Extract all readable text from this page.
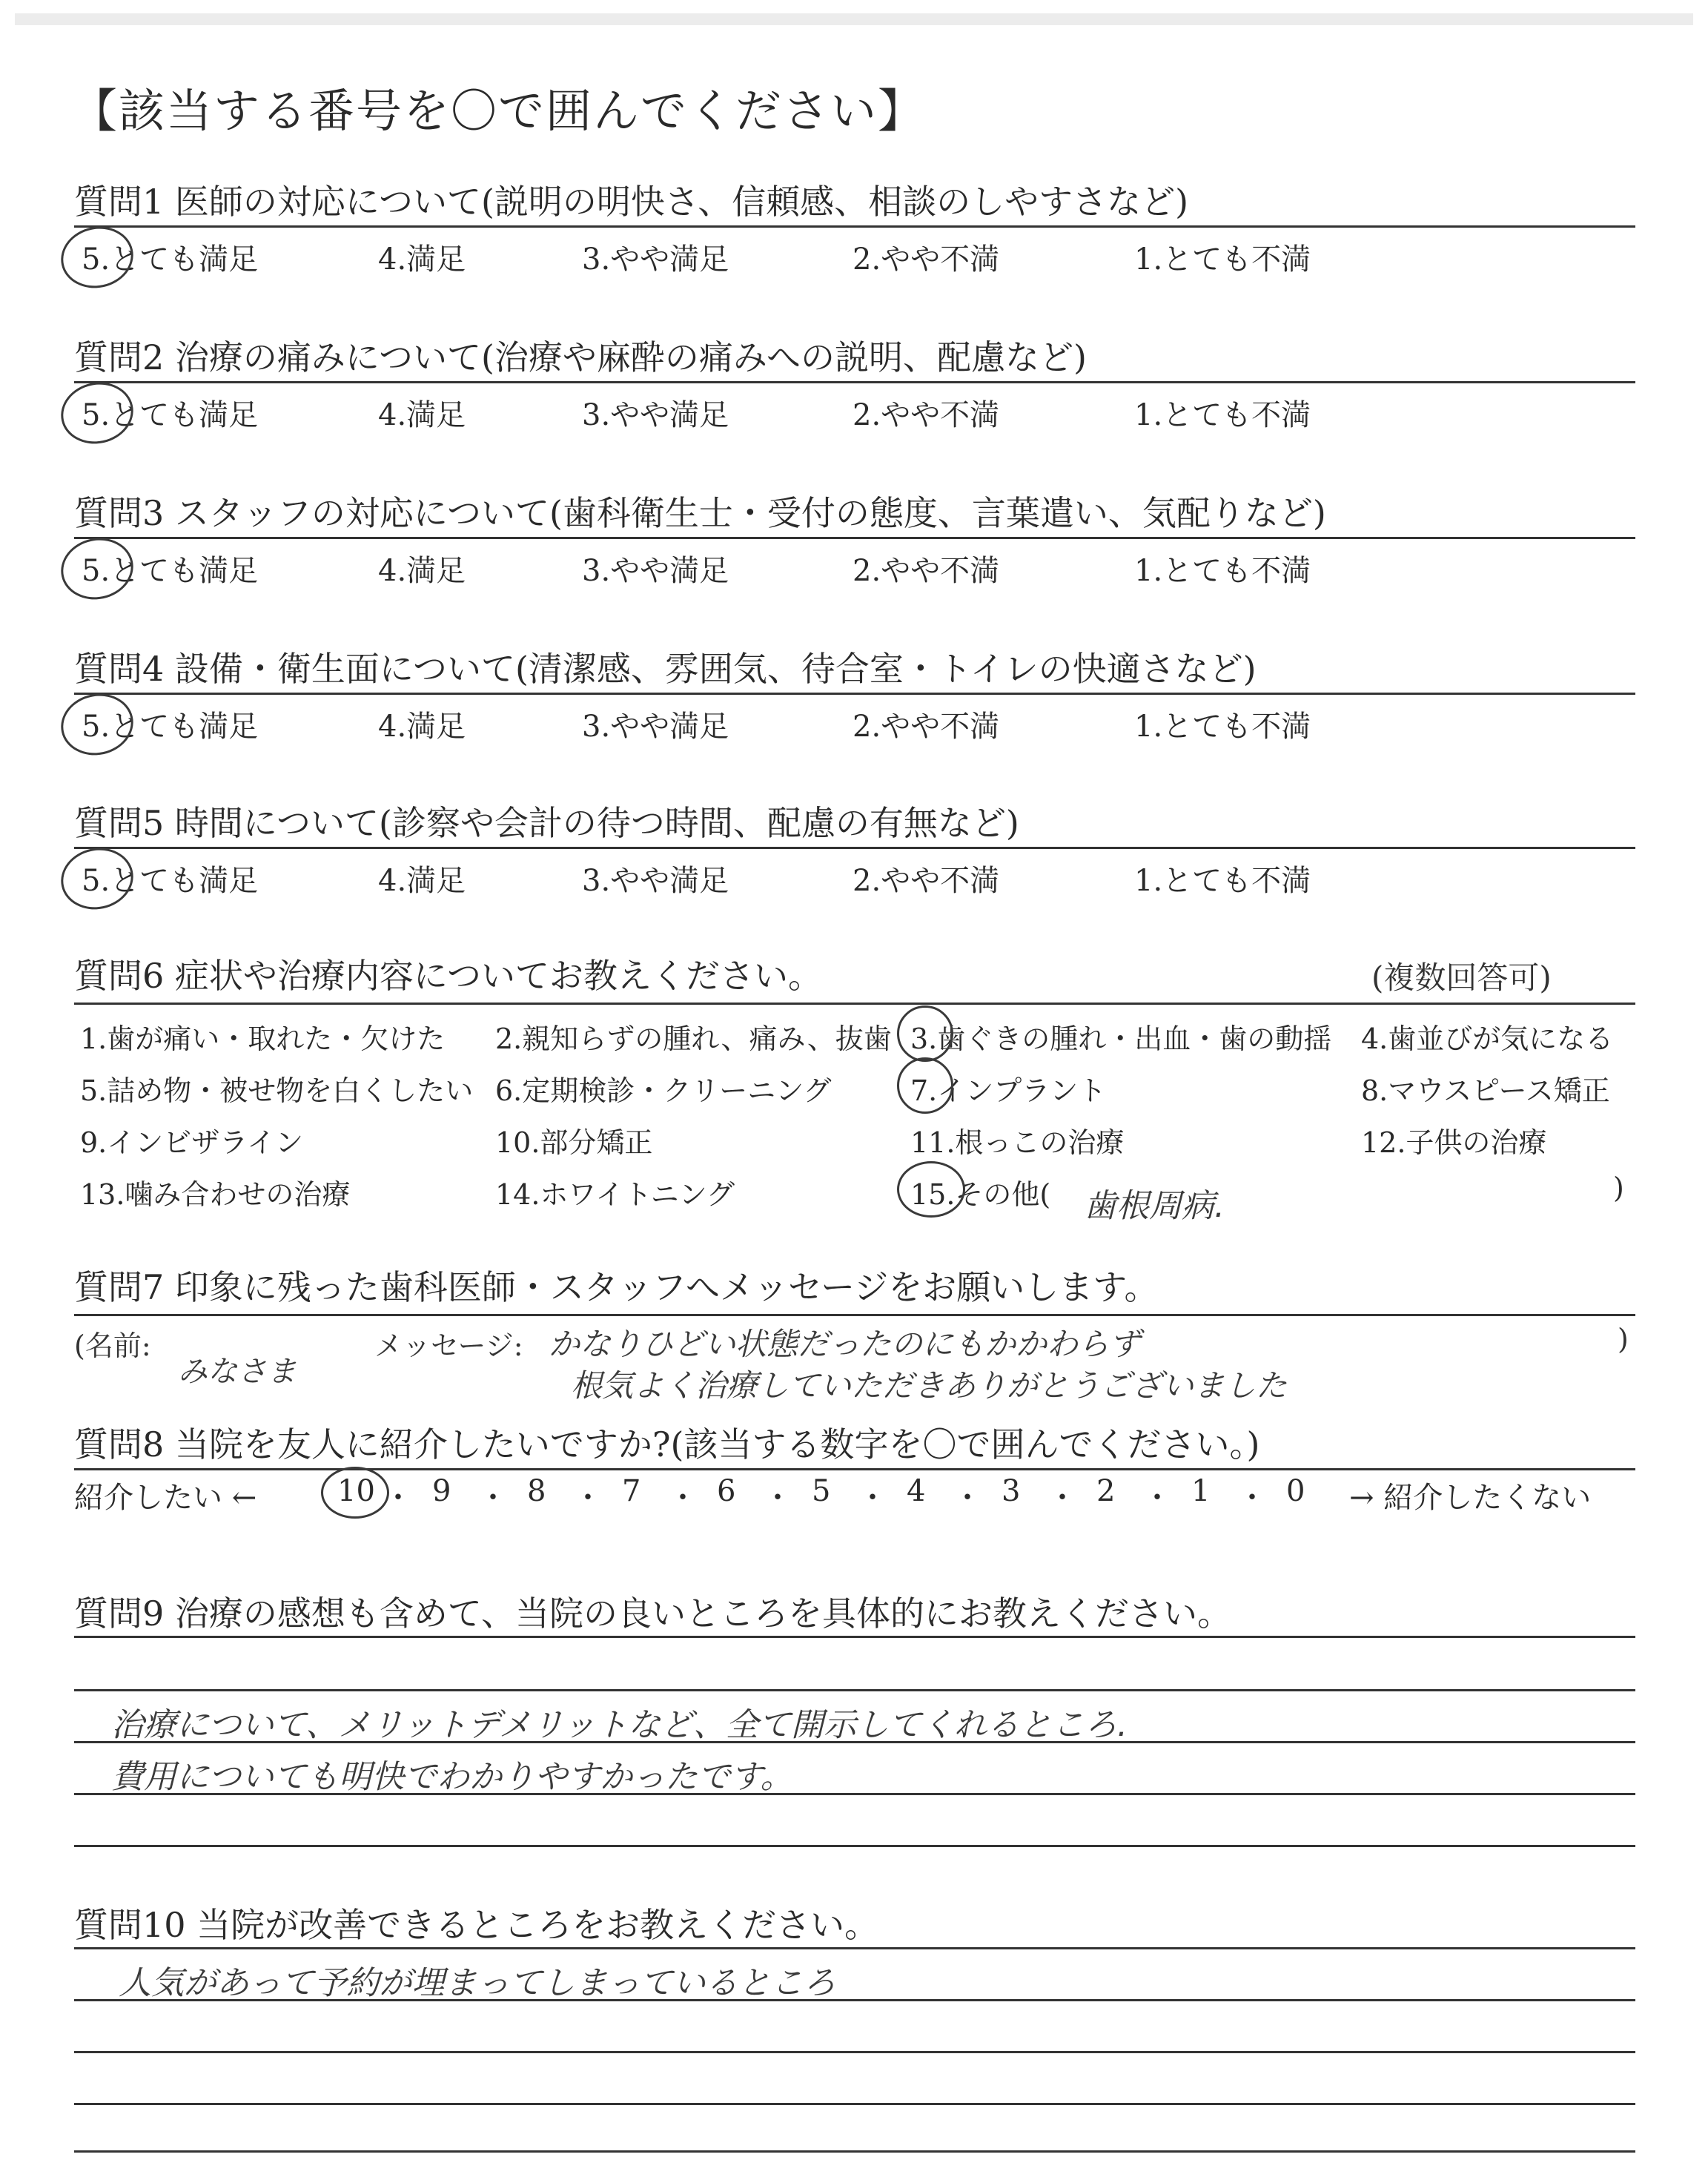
【該当する番号を〇で囲んでください】
質問1 医師の対応について(説明の明快さ、信頼感、相談のしやすさなど)
5.とても満足	4.満足	3.やや満足	2.やや不満	1.とても不満
質問2 治療の痛みについて(治療や麻酔の痛みへの説明、配慮など)
5.とても満足	4.満足	3.やや満足	2.やや不満	1.とても不満
質問3 スタッフの対応について(歯科衛生士・受付の態度、言葉遣い、気配りなど)
5.とても満足	4.満足	3.やや満足	2.やや不満	1.とても不満
質問4 設備・衛生面について(清潔感、雰囲気、待合室・トイレの快適さなど)
5.とても満足	4.満足	3.やや満足	2.やや不満	1.とても不満
質問5 時間について(診察や会計の待つ時間、配慮の有無など)
5.とても満足	4.満足	3.やや満足	2.やや不満	1.とても不満
質問6 症状や治療内容についてお教えください。	(複数回答可)
1.歯が痛い・取れた・欠けた 2.親知らずの腫れ、痛み、抜歯 3.歯ぐきの腫れ・出血・歯の動揺 4.歯並びが気になる
5.詰め物・被せ物を白くしたい 6.定期検診・クリーニング	7.インプラント	8.マウスピース矯正
9.インビザライン	10.部分矯正	11.根っこの治療	12.子供の治療
13.噛み合わせの治療	14.ホワイトニング	15.その他(	)
歯根周病.
質問7 印象に残った歯科医師・スタッフへメッセージをお願いします。
(名前:
みなさま
メッセージ: かなりひどい状態だったのにもかかわらず
根気よく治療していただきありがとうございました
)
質問8 当院を友人に紹介したいですか?(該当する数字を〇で囲んでください。)
紹介したい ←	10 ・ 9 ・ 8 ・ 7 ・ 6 ・ 5 ・ 4 ・ 3 ・ 2 ・ 1 ・ 0 → 紹介したくない
質問9 治療の感想も含めて、当院の良いところを具体的にお教えください。
治療について、メリットデメリットなど、全て開示してくれるところ.
費用についても明快でわかりやすかったです。
質問10 当院が改善できるところをお教えください。
人気があって予約が埋まってしまっているところ
